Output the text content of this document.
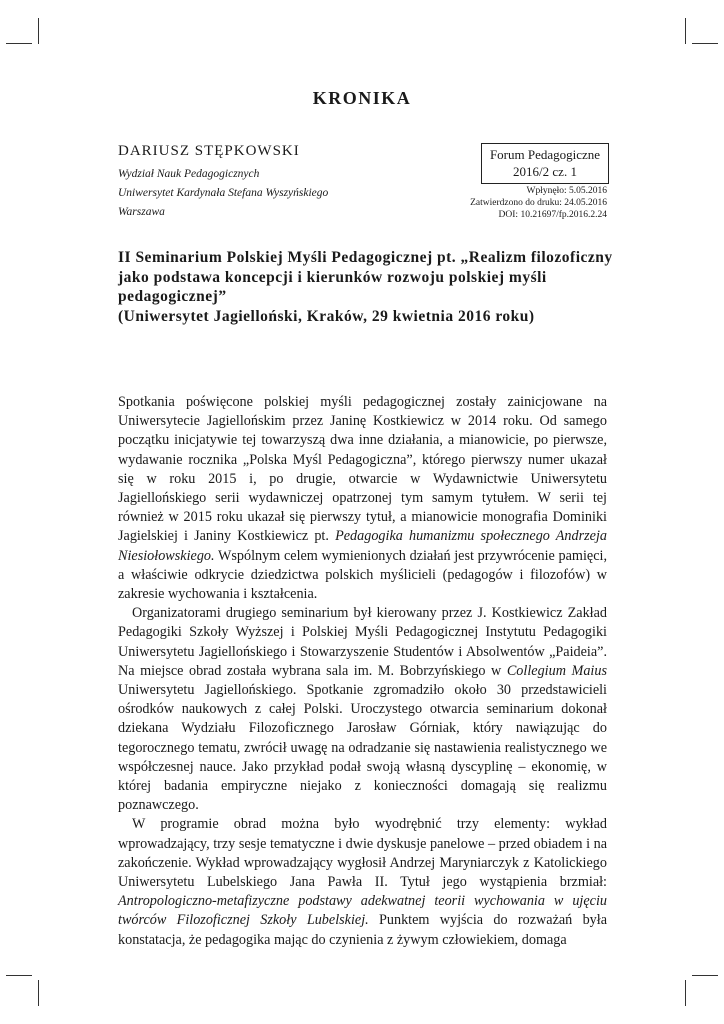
KRONIKA
DARIUSZ STĘPKOWSKI
Wydział Nauk Pedagogicznych
Uniwersytet Kardynała Stefana Wyszyńskiego
Warszawa
Forum Pedagogiczne
2016/2 cz. 1
Wpłynęło: 5.05.2016
Zatwierdzono do druku: 24.05.2016
DOI: 10.21697/fp.2016.2.24
II Seminarium Polskiej Myśli Pedagogicznej pt. „Realizm filozoficzny jako podstawa koncepcji i kierunków rozwoju polskiej myśli pedagogicznej”
(Uniwersytet Jagielloński, Kraków, 29 kwietnia 2016 roku)

Spotkania poświęcone polskiej myśli pedagogicznej zostały zainicjowane na Uniwersytecie Jagiellońskim przez Janinę Kostkiewicz w 2014 roku. Od samego początku inicjatywie tej towarzyszą dwa inne działania, a mianowicie, po pierwsze, wydawanie rocznika „Polska Myśl Pedagogiczna”, którego pierwszy numer ukazał się w roku 2015 i, po drugie, otwarcie w Wydawnictwie Uniwersytetu Jagiellońskiego serii wydawniczej opatrzonej tym samym tytułem. W serii tej również w 2015 roku ukazał się pierwszy tytuł, a mianowicie monografia Dominiki Jagielskiej i Janiny Kostkiewicz pt. Pedagogika humanizmu społecznego Andrzeja Niesiołowskiego. Wspólnym celem wymienionych działań jest przywrócenie pamięci, a właściwie odkrycie dziedzictwa polskich myślicieli (pedagogów i filozofów) w zakresie wychowania i kształcenia.

Organizatorami drugiego seminarium był kierowany przez J. Kostkiewicz Zakład Pedagogiki Szkoły Wyższej i Polskiej Myśli Pedagogicznej Instytutu Pedagogiki Uniwersytetu Jagiellońskiego i Stowarzyszenie Studentów i Absolwentów „Paideia”. Na miejsce obrad została wybrana sala im. M. Bobrzyńskiego w Collegium Maius Uniwersytetu Jagiellońskiego. Spotkanie zgromadziło około 30 przedstawicieli ośrodków naukowych z całej Polski. Uroczystego otwarcia seminarium dokonał dziekana Wydziału Filozoficznego Jarosław Górniak, który nawiązując do tegorocznego tematu, zwrócił uwagę na odradzanie się nastawienia realistycznego we współczesnej nauce. Jako przykład podał swoją własną dyscyplinę – ekonomię, w której badania empiryczne niejako z konieczności domagają się realizmu poznawczego.

W programie obrad można było wyodrębnić trzy elementy: wykład wprowadzający, trzy sesje tematyczne i dwie dyskusje panelowe – przed obiadem i na zakończenie. Wykład wprowadzający wygłosił Andrzej Maryniarczyk z Katolickiego Uniwersytetu Lubelskiego Jana Pawła II. Tytuł jego wystąpienia brzmiał: Antropologiczno-metafizyczne podstawy adekwatnej teorii wychowania w ujęciu twórców Filozoficznej Szkoły Lubelskiej. Punktem wyjścia do rozważań była konstatacja, że pedagogika mając do czynienia z żywym człowiekiem, domaga
